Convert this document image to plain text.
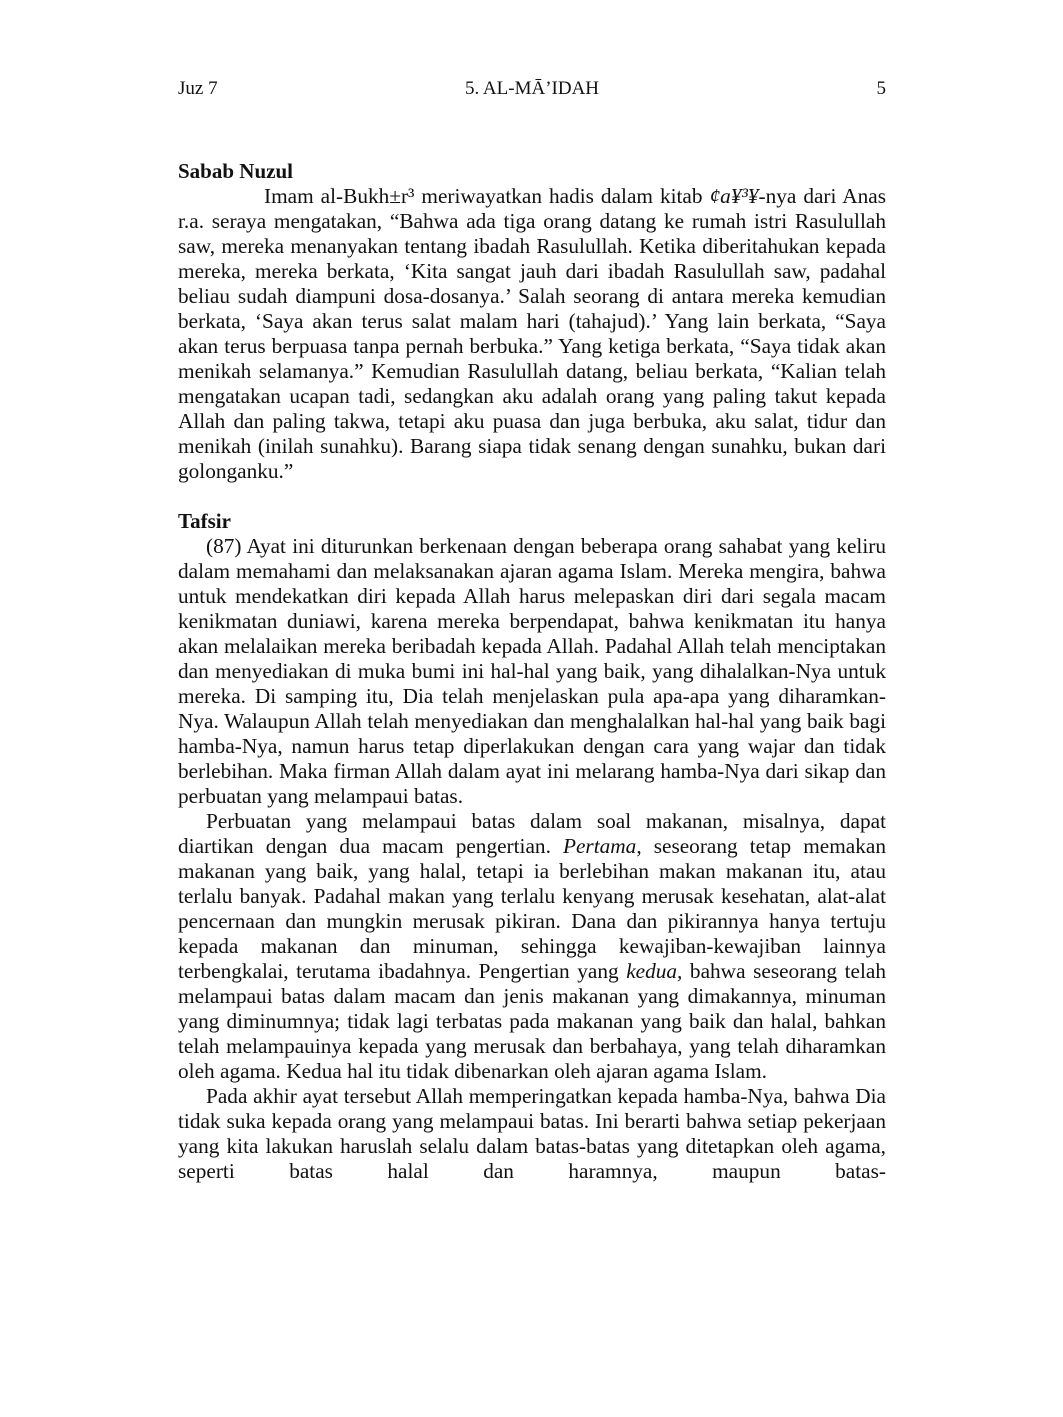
Juz 7	5. AL-MĀ’IDAH	5
Sabab Nuzul

Imam al-Bukh±r³ meriwayatkan hadis dalam kitab ¢a¥³¥-nya dari Anas r.a. seraya mengatakan, “Bahwa ada tiga orang datang ke rumah istri Rasulullah saw, mereka menanyakan tentang ibadah Rasulullah. Ketika diberitahukan kepada mereka, mereka berkata, ‘Kita sangat jauh dari ibadah Rasulullah saw, padahal beliau sudah diampuni dosa-dosanya.’ Salah seorang di antara mereka kemudian berkata, ‘Saya akan terus salat malam hari (tahajud).’ Yang lain berkata, “Saya akan terus berpuasa tanpa pernah berbuka.” Yang ketiga berkata, “Saya tidak akan menikah selamanya.” Kemudian Rasulullah datang, beliau berkata, “Kalian telah mengatakan ucapan tadi, sedangkan aku adalah orang yang paling takut kepada Allah dan paling takwa, tetapi aku puasa dan juga berbuka, aku salat, tidur dan menikah (inilah sunahku). Barang siapa tidak senang dengan sunahku, bukan dari golonganku.”

Tafsir

(87) Ayat ini diturunkan berkenaan dengan beberapa orang sahabat yang keliru dalam memahami dan melaksanakan ajaran agama Islam. Mereka mengira, bahwa untuk mendekatkan diri kepada Allah harus melepaskan diri dari segala macam kenikmatan duniawi, karena mereka berpendapat, bahwa kenikmatan itu hanya akan melalaikan mereka beribadah kepada Allah. Padahal Allah telah menciptakan dan menyediakan di muka bumi ini hal-hal yang baik, yang dihalalkan-Nya untuk mereka. Di samping itu, Dia telah menjelaskan pula apa-apa yang diharamkan-Nya. Walaupun Allah telah menyediakan dan menghalalkan hal-hal yang baik bagi hamba-Nya, namun harus tetap diperlakukan dengan cara yang wajar dan tidak berlebihan. Maka firman Allah dalam ayat ini melarang hamba-Nya dari sikap dan perbuatan yang melampaui batas.

Perbuatan yang melampaui batas dalam soal makanan, misalnya, dapat diartikan dengan dua macam pengertian. Pertama, seseorang tetap memakan makanan yang baik, yang halal, tetapi ia berlebihan makan makanan itu, atau terlalu banyak. Padahal makan yang terlalu kenyang merusak kesehatan, alat-alat pencernaan dan mungkin merusak pikiran. Dana dan pikirannya hanya tertuju kepada makanan dan minuman, sehingga kewajiban-kewajiban lainnya terbengkalai, terutama ibadahnya. Pengertian yang kedua, bahwa seseorang telah melampaui batas dalam macam dan jenis makanan yang dimakannya, minuman yang diminumnya; tidak lagi terbatas pada makanan yang baik dan halal, bahkan telah melampauinya kepada yang merusak dan berbahaya, yang telah diharamkan oleh agama. Kedua hal itu tidak dibenarkan oleh ajaran agama Islam.

Pada akhir ayat tersebut Allah memperingatkan kepada hamba-Nya, bahwa Dia tidak suka kepada orang yang melampaui batas. Ini berarti bahwa setiap pekerjaan yang kita lakukan haruslah selalu dalam batas-batas yang ditetapkan oleh agama, seperti batas halal dan haramnya, maupun batas-
